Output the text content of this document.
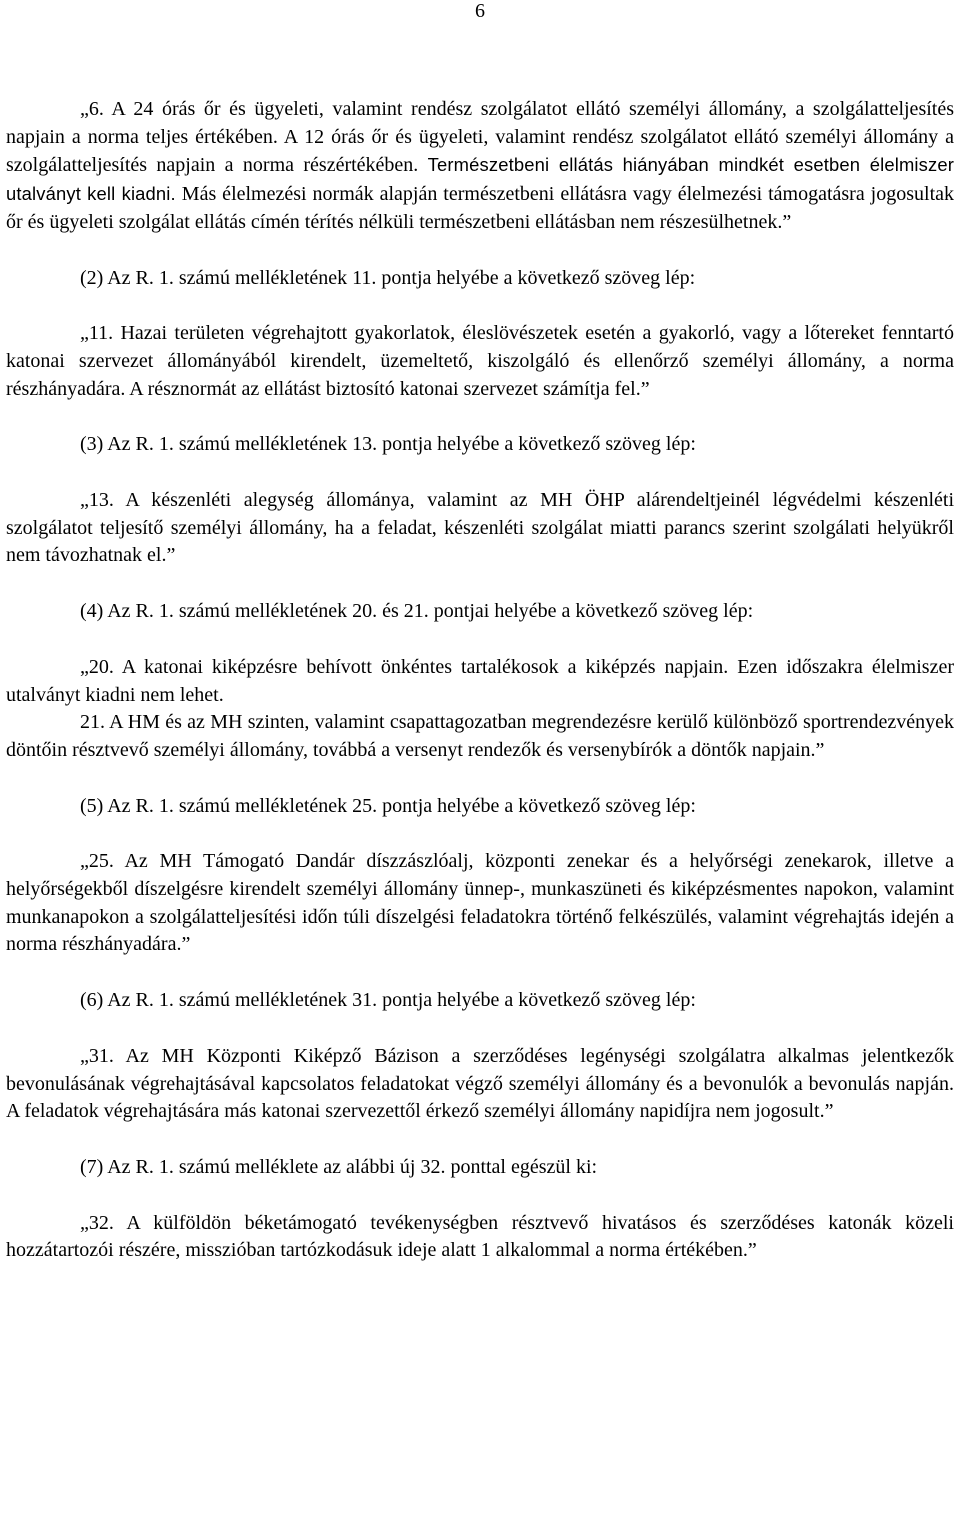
6

„6. A 24 órás őr és ügyeleti, valamint rendész szolgálatot ellátó személyi állomány, a szolgálatteljesítés napjain a norma teljes értékében. A 12 órás őr és ügyeleti, valamint rendész szolgálatot ellátó személyi állomány a szolgálatteljesítés napjain a norma részértékében. Természetbeni ellátás hiányában mindkét esetben élelmiszer utalványt kell kiadni. Más élelmezési normák alapján természetbeni ellátásra vagy élelmezési támogatásra jogosultak őr és ügyeleti szolgálat ellátás címén térítés nélküli természetbeni ellátásban nem részesülhetnek.”

(2) Az R. 1. számú mellékletének 11. pontja helyébe a következő szöveg lép:

„11. Hazai területen végrehajtott gyakorlatok, éleslövészetek esetén a gyakorló, vagy a lőtereket fenntartó katonai szervezet állományából kirendelt, üzemeltető, kiszolgáló és ellenőrző személyi állomány, a norma részhányadára. A résznormát az ellátást biztosító katonai szervezet számítja fel.”

(3) Az R. 1. számú mellékletének 13. pontja helyébe a következő szöveg lép:

„13. A készenléti alegység állománya, valamint az MH ÖHP alárendeltjeinél légvédelmi készenléti szolgálatot teljesítő személyi állomány, ha a feladat, készenléti szolgálat miatti parancs szerint szolgálati helyükről nem távozhatnak el.”

(4) Az R. 1. számú mellékletének 20. és 21. pontjai helyébe a következő szöveg lép:

„20. A katonai kiképzésre behívott önkéntes tartalékosok a kiképzés napjain. Ezen időszakra élelmiszer utalványt kiadni nem lehet.

21. A HM és az MH szinten, valamint csapattagozatban megrendezésre kerülő különböző sportrendezvények döntőin résztvevő személyi állomány, továbbá a versenyt rendezők és versenybírók a döntők napjain.”

(5) Az R. 1. számú mellékletének 25. pontja helyébe a következő szöveg lép:

„25. Az MH Támogató Dandár díszzászlóalj, központi zenekar és a helyőrségi zenekarok, illetve a helyőrségekből díszelgésre kirendelt személyi állomány ünnep-, munkaszüneti és kiképzésmentes napokon, valamint munkanapokon a szolgálatteljesítési időn túli díszelgési feladatokra történő felkészülés, valamint végrehajtás idején a norma részhányadára.”

(6) Az R. 1. számú mellékletének 31. pontja helyébe a következő szöveg lép:

„31. Az MH Központi Kiképző Bázison a szerződéses legénységi szolgálatra alkalmas jelentkezők bevonulásának végrehajtásával kapcsolatos feladatokat végző személyi állomány és a bevonulók a bevonulás napján. A feladatok végrehajtására más katonai szervezettől érkező személyi állomány napidíjra nem jogosult.”

(7) Az R. 1. számú melléklete az alábbi új 32. ponttal egészül ki:

„32. A külföldön béketámogató tevékenységben résztvevő hivatásos és szerződéses katonák közeli hozzátartozói részére, misszióban tartózkodásuk ideje alatt 1 alkalommal a norma értékében.”
